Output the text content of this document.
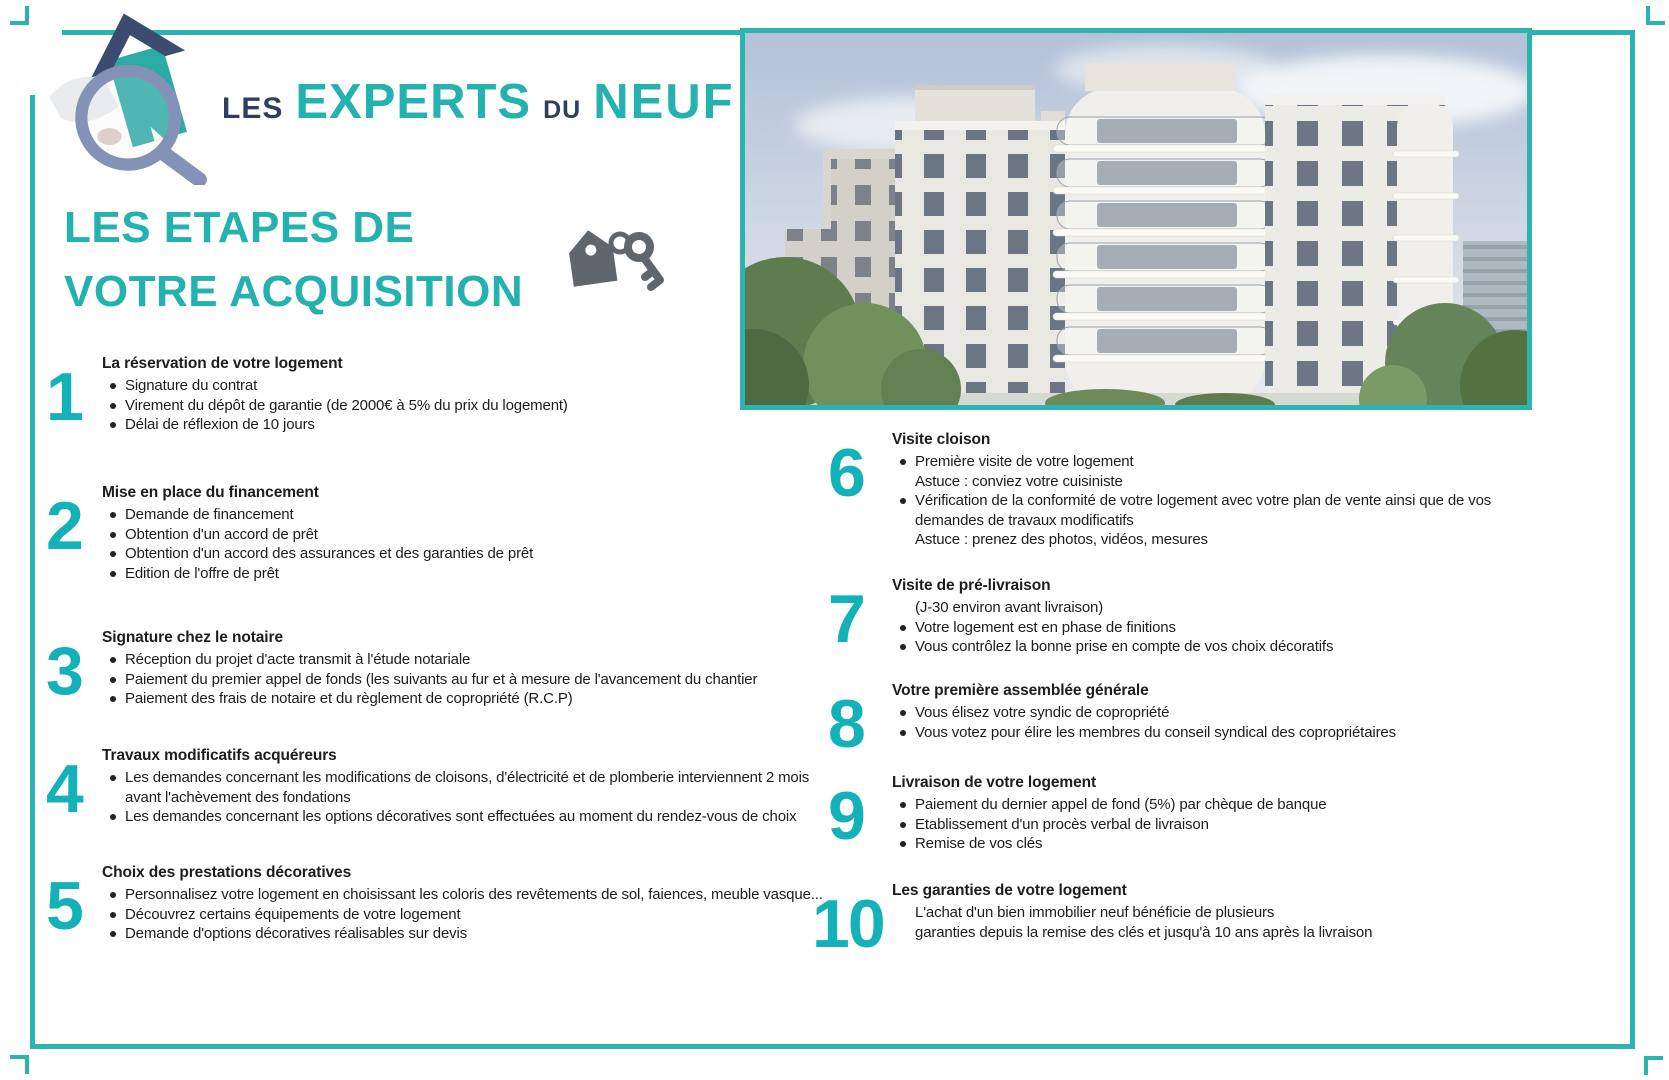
LES EXPERTS DU NEUF
LES ETAPES DE
VOTRE ACQUISITION
1 La réservation de votre logement
Signature du contrat
Virement du dépôt de garantie (de 2000€ à 5% du prix du logement)
Délai de réflexion de 10 jours
2 Mise en place du financement
Demande de financement
Obtention d'un accord de prêt
Obtention d'un accord des assurances et des garanties de prêt
Edition de l'offre de prêt
3 Signature chez le notaire
Réception du projet d'acte transmit à l'étude notariale
Paiement du premier appel de fonds (les suivants au fur et à mesure de l'avancement du chantier
Paiement des frais de notaire et du règlement de copropriété (R.C.P)
4 Travaux modificatifs acquéreurs
Les demandes concernant les modifications de cloisons, d'électricité et de plomberie interviennent 2 mois avant l'achèvement des fondations
Les demandes concernant les options décoratives sont effectuées au moment du rendez-vous de choix
5 Choix des prestations décoratives
Personnalisez votre logement en choisissant les coloris des revêtements de sol, faiences, meuble vasque...
Découvrez certains équipements de votre logement
Demande d'options décoratives réalisables sur devis
6 Visite cloison
Première visite de votre logement
Astuce : conviez votre cuisiniste
Vérification de la conformité de votre logement avec votre plan de vente ainsi que de vos demandes de travaux modificatifs
Astuce : prenez des photos, vidéos, mesures
7 Visite de pré-livraison
(J-30 environ avant livraison)
Votre logement est en phase de finitions
Vous contrôlez la bonne prise en compte de vos choix décoratifs
8 Votre première assemblée générale
Vous élisez votre syndic de copropriété
Vous votez pour élire les membres du conseil syndical des copropriétaires
9 Livraison de votre logement
Paiement du dernier appel de fond (5%) par chèque de banque
Etablissement d'un procès verbal de livraison
Remise de vos clés
10 Les garanties de votre logement
L'achat d'un bien immobilier neuf bénéficie de plusieurs
garanties depuis la remise des clés et jusqu'à 10 ans après la livraison
